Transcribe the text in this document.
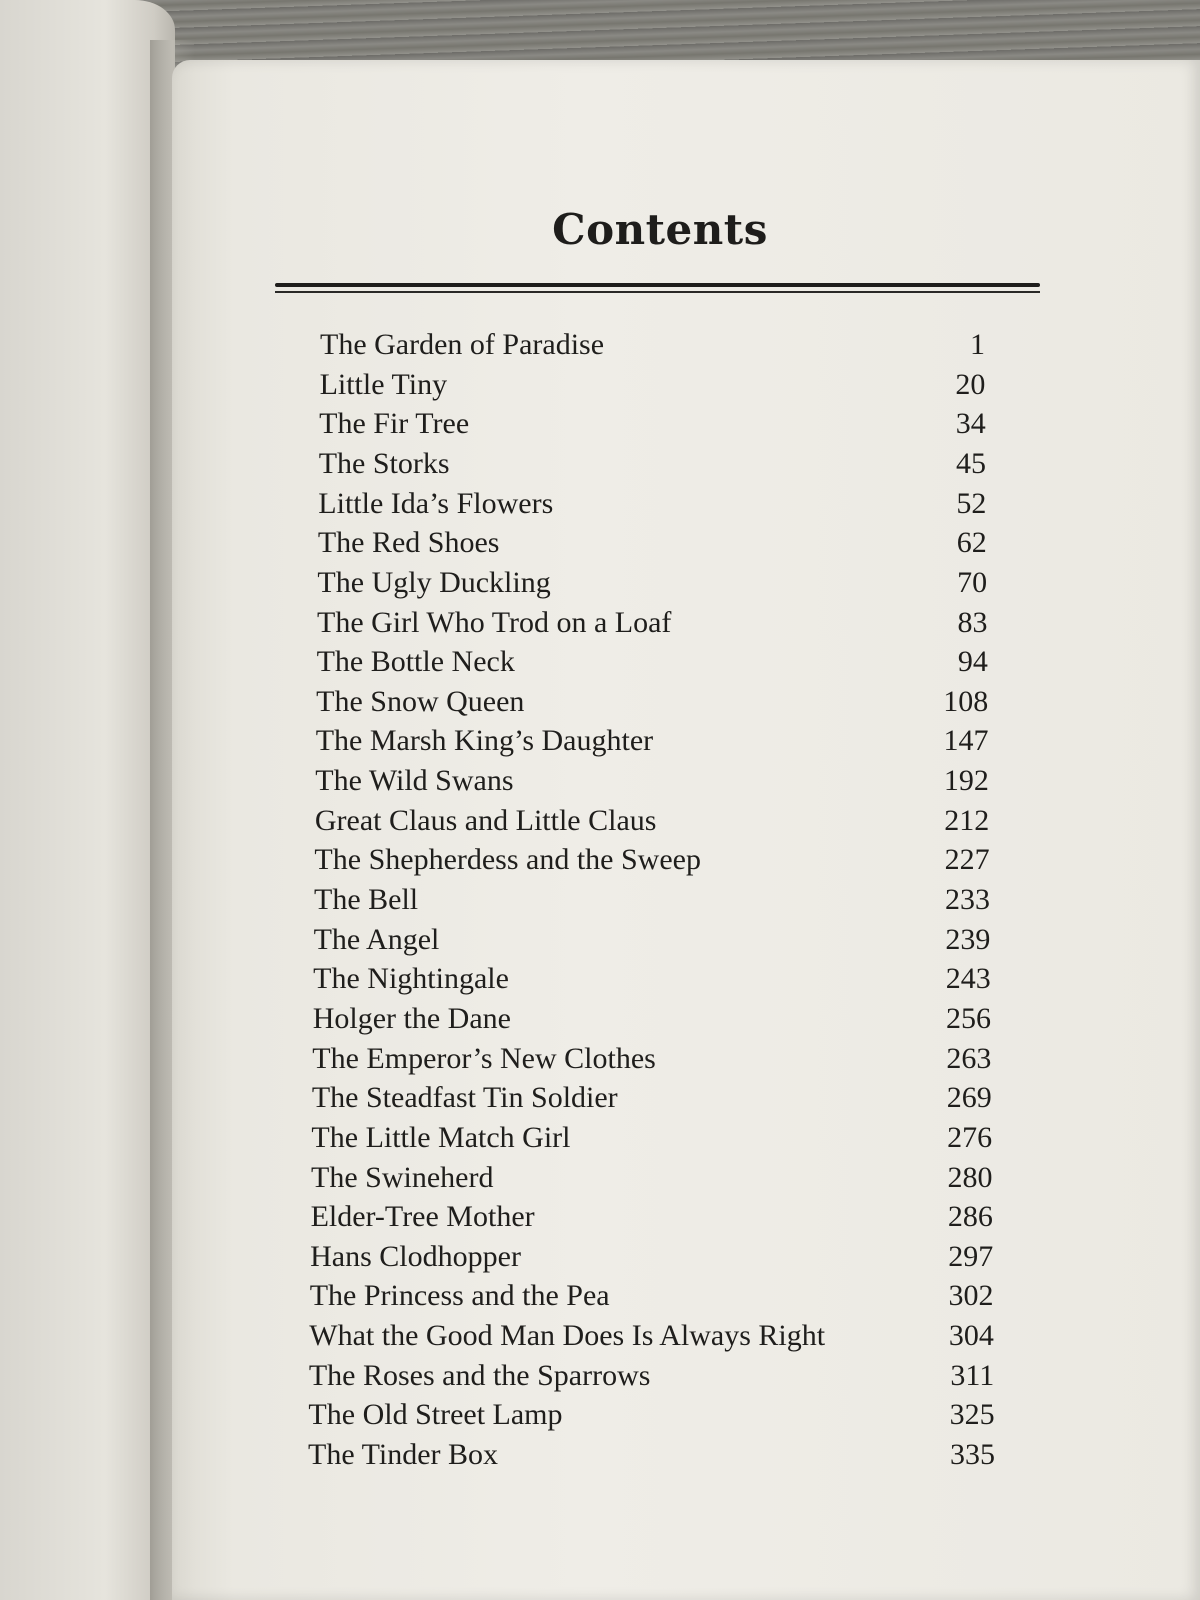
Contents
The Garden of Paradise	1
Little Tiny	20
The Fir Tree	34
The Storks	45
Little Ida’s Flowers	52
The Red Shoes	62
The Ugly Duckling	70
The Girl Who Trod on a Loaf	83
The Bottle Neck	94
The Snow Queen	108
The Marsh King’s Daughter	147
The Wild Swans	192
Great Claus and Little Claus	212
The Shepherdess and the Sweep	227
The Bell	233
The Angel	239
The Nightingale	243
Holger the Dane	256
The Emperor’s New Clothes	263
The Steadfast Tin Soldier	269
The Little Match Girl	276
The Swineherd	280
Elder-Tree Mother	286
Hans Clodhopper	297
The Princess and the Pea	302
What the Good Man Does Is Always Right	304
The Roses and the Sparrows	311
The Old Street Lamp	325
The Tinder Box	335
